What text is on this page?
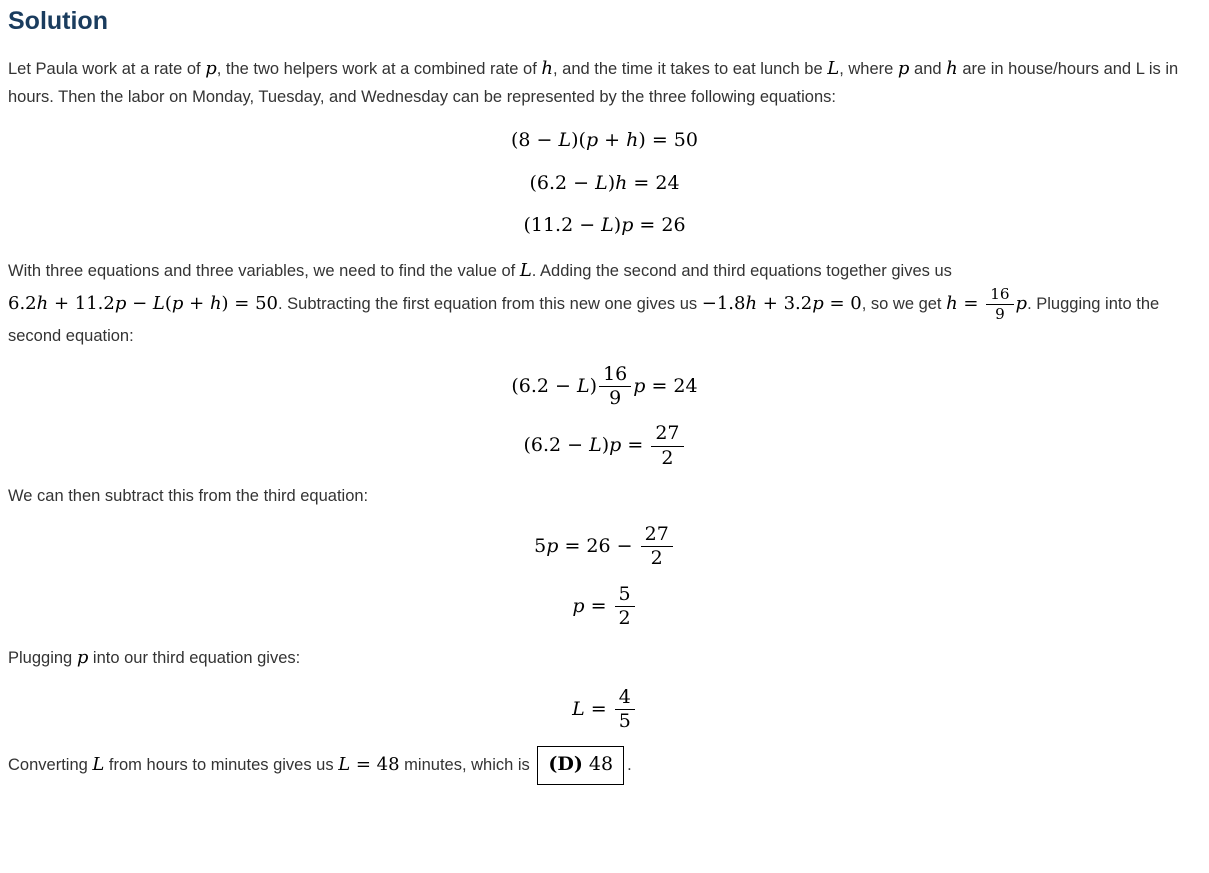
Solution

Let Paula work at a rate of p, the two helpers work at a combined rate of h, and the time it takes to eat lunch be L, where p and h are in house/hours and L is in hours. Then the labor on Monday, Tuesday, and Wednesday can be represented by the three following equations:

(8 − L)(p + h) = 50
(6.2 − L)h = 24
(11.2 − L)p = 26

With three equations and three variables, we need to find the value of L. Adding the second and third equations together gives us 6.2h + 11.2p − L(p + h) = 50. Subtracting the first equation from this new one gives us −1.8h + 3.2p = 0, so we get $h = \frac{16}{9} p$. Plugging into the second equation:

$(6.2 - L) \frac{16}{9}$ p = 24
$(6.2 - L)p = \frac{27}{2}$

We can then subtract this from the third equation:

$5p = 26 - \frac{27}{2}$
$p = \frac{5}{2}$

Plugging p into our third equation gives:

$L = \frac{4}{5}$

Converting L from hours to minutes gives us L = 48 minutes, which is (D) 48 .
